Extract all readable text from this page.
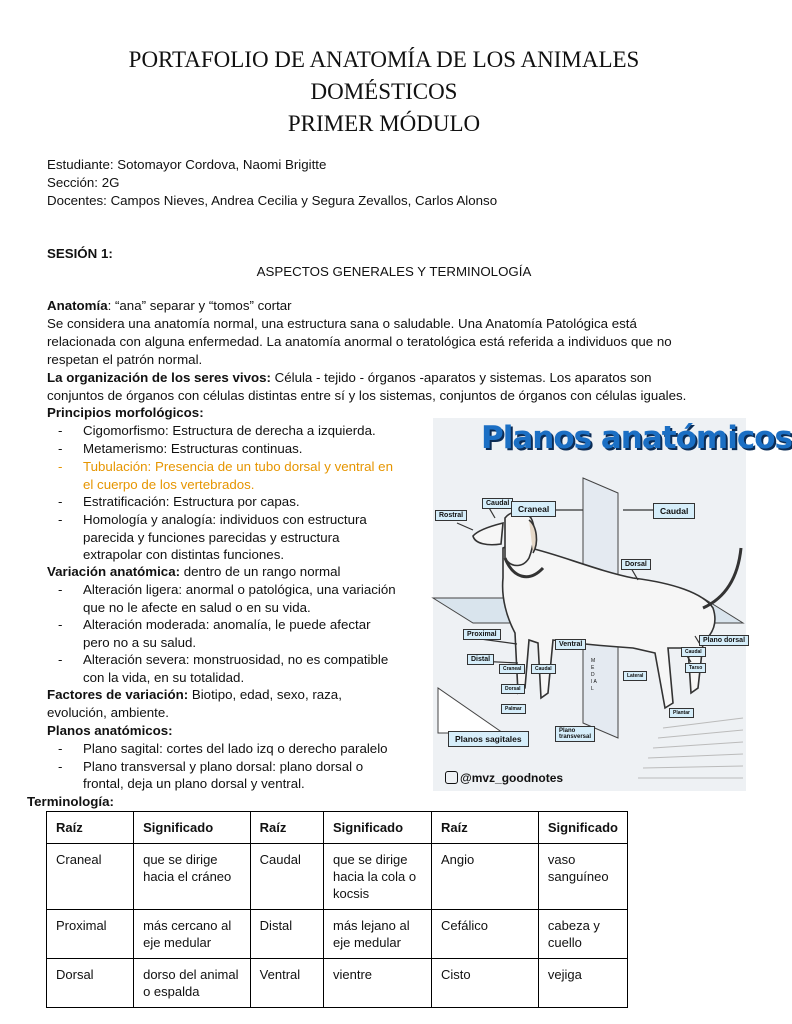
PORTAFOLIO DE ANATOMÍA DE LOS ANIMALES
DOMÉSTICOS
PRIMER MÓDULO
Estudiante: Sotomayor Cordova, Naomi Brigitte
Sección: 2G
Docentes: Campos Nieves, Andrea Cecilia y Segura Zevallos, Carlos Alonso
SESIÓN 1:
ASPECTOS GENERALES Y TERMINOLOGÍA
Anatomía: “ana” separar y “tomos” cortar
Se considera una anatomía normal, una estructura sana o saludable. Una Anatomía Patológica está
relacionada con alguna enfermedad. La anatomía anormal o teratológica está referida a individuos que no
respetan el patrón normal.
La organización de los seres vivos: Célula - tejido - órganos -aparatos y sistemas. Los aparatos son
conjuntos de órganos con células distintas entre sí y los sistemas, conjuntos de órganos con células iguales.
Principios morfológicos:
- Cigomorfismo: Estructura de derecha a izquierda.
- Metamerismo: Estructuras continuas.
- Tubulación: Presencia de un tubo dorsal y ventral en
el cuerpo de los vertebrados.
- Estratificación: Estructura por capas.
- Homología y analogía: individuos con estructura
parecida y funciones parecidas y estructura
extrapolar con distintas funciones.
Variación anatómica: dentro de un rango normal
- Alteración ligera: anormal o patológica, una variación
que no le afecte en salud o en su vida.
- Alteración moderada: anomalía, le puede afectar
pero no a su salud.
- Alteración severa: monstruosidad, no es compatible
con la vida, en su totalidad.
Factores de variación: Biotipo, edad, sexo, raza,
evolución, ambiente.
Planos anatómicos:
- Plano sagital: cortes del lado izq o derecho paralelo
- Plano transversal y plano dorsal: plano dorsal o
frontal, deja un plano dorsal y ventral.
Terminología:
Raíz	Significado	Raíz	Significado	Raíz	Significado
Craneal	que se dirige hacia el cráneo	Caudal	que se dirige hacia la cola o kocsis	Angio	vaso sanguíneo
Proximal	más cercano al eje medular	Distal	más lejano al eje medular	Cefálico	cabeza y cuello
Dorsal	dorso del animal o espalda	Ventral	vientre	Cisto	vejiga
Planos anatómicos
Caudal
Rostral
Craneal	Caudal
Dorsal
Proximal
Ventral
Distal
Craneal	Caudal
Dorsal
Palmar
Plano dorsal
Caudal
Tarso
Lateral
Plantar
M E D I A L
Planos sagitales
Plano transversal
@mvz_goodnotes
